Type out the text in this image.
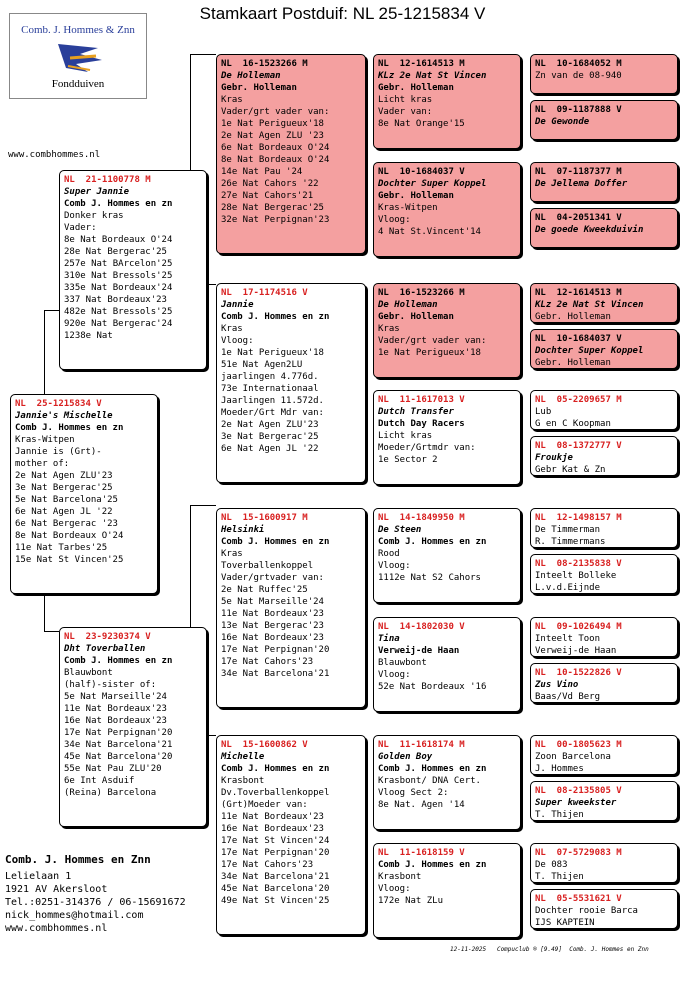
Stamkaart Postduif: NL 25-1215834 V
Comb. J. Hommes & Znn
Fondduiven
www.combhommes.nl
NL  25-1215834 V
Jannie's Mischelle
Comb J. Hommes en zn
Kras-Witpen
Jannie is (Grt)-
mother of:
2e Nat Agen ZLU'23
3e Nat Bergerac'25
5e Nat Barcelona'25
6e Nat Agen JL '22
6e Nat Bergerac '23
8e Nat Bordeaux O'24
11e Nat Tarbes'25
15e Nat St Vincen'25
NL  21-1100778 M
Super Jannie
Comb J. Hommes en zn
Donker kras
Vader:
8e Nat Bordeaux O'24
28e Nat Bergerac'25
257e Nat BArcelon'25
310e Nat Bressols'25
335e Nat Bordeaux'24
337 Nat Bordeaux'23
482e Nat Bressols'25
920e Nat Bergerac'24
1238e Nat
NL  23-9230374 V
Dht Toverballen
Comb J. Hommes en zn
Blauwbont
(half)-sister of:
5e Nat Marseille'24
11e Nat Bordeaux'23
16e Nat Bordeaux'23
17e Nat Perpignan'20
34e Nat Barcelona'21
45e Nat Barcelona'20
55e Nat Pau ZLU'20
6e Int Asduif
(Reina) Barcelona
NL  16-1523266 M
De Holleman
Gebr. Holleman
Kras
Vader/grt vader van:
1e Nat Perigueux'18
2e Nat Agen ZLU '23
6e Nat Bordeaux O'24
8e Nat Bordeaux O'24
14e Nat Pau '24
26e Nat Cahors '22
27e Nat Cahors'21
28e Nat Bergerac'25
32e Nat Perpignan'23
NL  17-1174516 V
Jannie
Comb J. Hommes en zn
Kras
Vloog:
1e Nat Perigueux'18
51e Nat Agen2LU
jaarlingen 4.776d.
73e Internationaal
Jaarlingen 11.572d.
Moeder/Grt Mdr van:
2e Nat Agen ZLU'23
3e Nat Bergerac'25
6e Nat Agen JL '22
NL  15-1600917 M
Helsinki
Comb J. Hommes en zn
Kras
Toverballenkoppel
Vader/grtvader van:
2e Nat Ruffec'25
5e Nat Marseille'24
11e Nat Bordeaux'23
13e Nat Bergerac'23
16e Nat Bordeaux'23
17e Nat Perpignan'20
17e Nat Cahors'23
34e Nat Barcelona'21
NL  15-1600862 V
Michelle
Comb J. Hommes en zn
Krasbont
Dv.Toverballenkoppel
(Grt)Moeder van:
11e Nat Bordeaux'23
16e Nat Bordeaux'23
17e Nat St Vincen'24
17e Nat Perpignan'20
17e Nat Cahors'23
34e Nat Barcelona'21
45e Nat Barcelona'20
49e Nat St Vincen'25
NL  12-1614513 M
KLz 2e Nat St Vincen
Gebr. Holleman
Licht kras
Vader van:
8e Nat Orange'15
NL  10-1684037 V
Dochter Super Koppel
Gebr. Holleman
Kras-Witpen
Vloog:
4 Nat St.Vincent'14
NL  16-1523266 M
De Holleman
Gebr. Holleman
Kras
Vader/grt vader van:
1e Nat Perigueux'18
NL  11-1617013 V
Dutch Transfer
Dutch Day Racers
Licht kras
Moeder/Grtmdr van:
1e Sector 2
NL  14-1849950 M
De Steen
Comb J. Hommes en zn
Rood
Vloog:
1112e Nat S2 Cahors
NL  14-1802030 V
Tina
Verweij-de Haan
Blauwbont
Vloog:
52e Nat Bordeaux '16
NL  11-1618174 M
Golden Boy
Comb J. Hommes en zn
Krasbont/ DNA Cert.
Vloog Sect 2:
8e Nat. Agen '14
NL  11-1618159 V
Comb J. Hommes en zn
Krasbont
Vloog:
172e Nat ZLu
NL  10-1684052 M
Zn van de 08-940
NL  09-1187888 V
De Gewonde
NL  07-1187377 M
De Jellema Doffer
NL  04-2051341 V
De goede Kweekduivin
NL  12-1614513 M
KLz 2e Nat St Vincen
Gebr. Holleman
NL  10-1684037 V
Dochter Super Koppel
Gebr. Holleman
NL  05-2209657 M
Lub
G en C Koopman
NL  08-1372777 V
Froukje
Gebr Kat & Zn
NL  12-1498157 M
De Timmerman
R. Timmermans
NL  08-2135838 V
Inteelt Bolleke
L.v.d.Eijnde
NL  09-1026494 M
Inteelt Toon
Verweij-de Haan
NL  10-1522826 V
Zus Vino
Baas/Vd Berg
NL  00-1805623 M
Zoon Barcelona
J. Hommes
NL  08-2135805 V
Super kweekster
T. Thijen
NL  07-5729083 M
De 083
T. Thijen
NL  05-5531621 V
Dochter rooie Barca
IJS KAPTEIN
Comb. J. Hommes en Znn
Lelielaan 1
1921 AV Akersloot
Tel.:0251-314376 / 06-15691672
nick_hommes@hotmail.com
www.combhommes.nl
12-11-2025   Compuclub ® [9.49]  Comb. J. Hommes en Znn
